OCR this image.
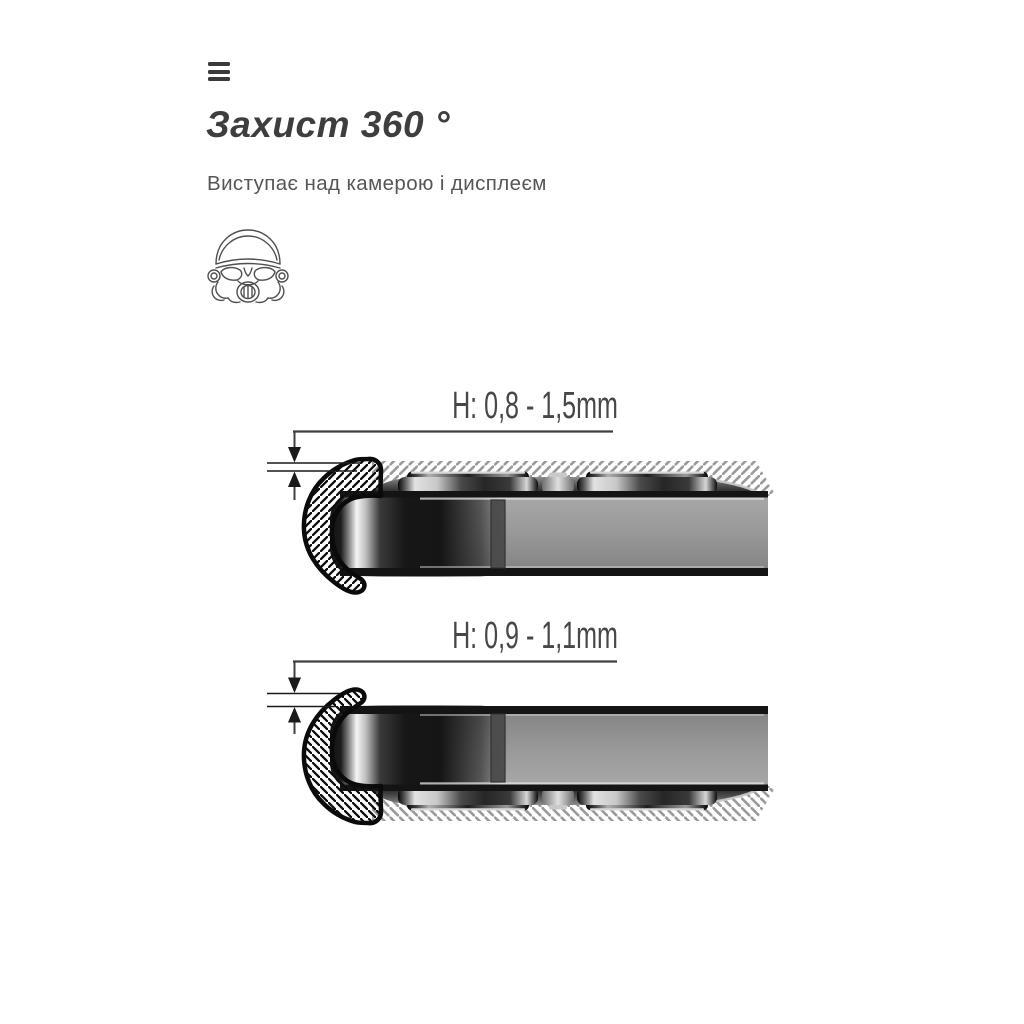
Захист 360 °
Виступає над камерою і дисплеєм
H: 0,8 - 1,5mm
H: 0,9 - 1,1mm
